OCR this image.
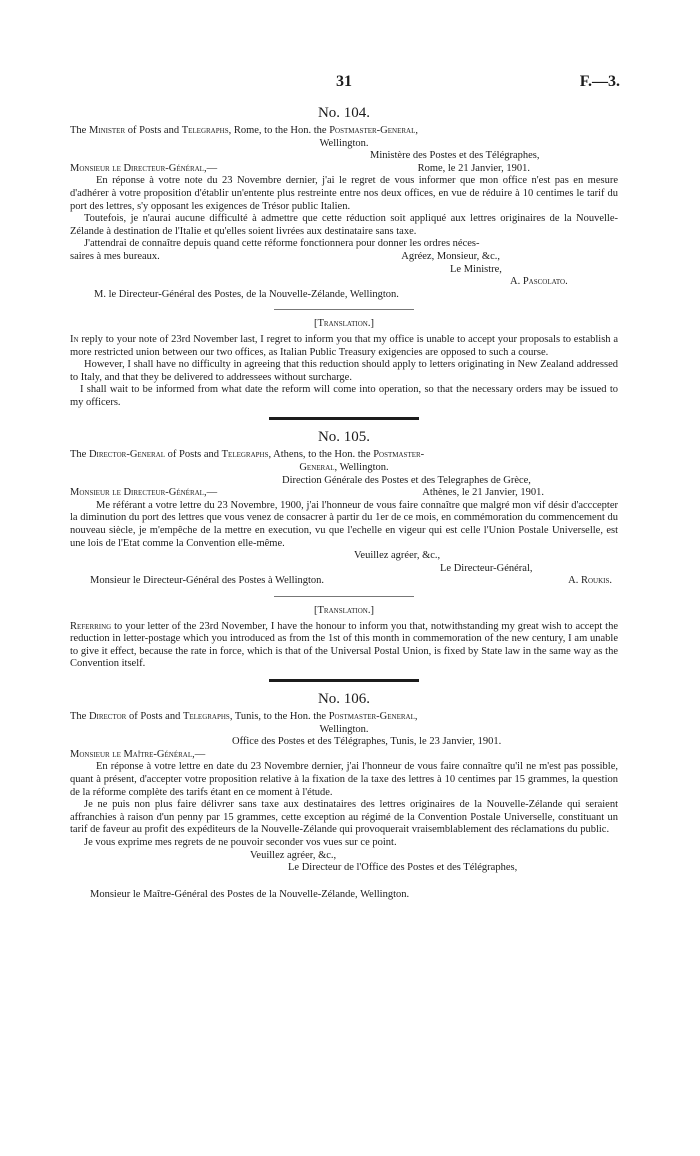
31	F.—3.
No. 104.

The Minister of Posts and Telegraphs, Rome, to the Hon. the Postmaster-General,

Wellington.

Ministère des Postes et des Télégraphes,

Monsieur le Directeur-Général,—	Rome, le 21 Janvier, 1901.

En réponse à votre note du 23 Novembre dernier, j'ai le regret de vous informer que mon office n'est pas en mesure d'adhérer à votre proposition d'établir un'entente plus restreinte entre nos deux offices, en vue de réduire à 10 centimes le tarif du port des lettres, s'y opposant les exigences de Trésor public Italien.

Toutefois, je n'aurai aucune difficulté à admettre que cette réduction soit appliqué aux lettres originaires de la Nouvelle-Zélande à destination de l'Italie et qu'elles soient livrées aux destinataire sans taxe.

J'attendrai de connaître depuis quand cette réforme fonctionnera pour donner les ordres néces-

saires à mes bureaux.	Agréez, Monsieur, &c.,

Le Ministre,

A. Pascolato.

M. le Directeur-Général des Postes, de la Nouvelle-Zélande, Wellington.

[Translation.]

In reply to your note of 23rd November last, I regret to inform you that my office is unable to accept your proposals to establish a more restricted union between our two offices, as Italian Public Treasury exigencies are opposed to such a course.

However, I shall have no difficulty in agreeing that this reduction should apply to letters originating in New Zealand addressed to Italy, and that they be delivered to addressees without surcharge.

I shall wait to be informed from what date the reform will come into operation, so that the necessary orders may be issued to my officers.

No. 105.

The Director-General of Posts and Telegraphs, Athens, to the Hon. the Postmaster-

General, Wellington.

Direction Générale des Postes et des Telegraphes de Grèce,

Monsieur le Directeur-Général,—	Athènes, le 21 Janvier, 1901.

Me référant a votre lettre du 23 Novembre, 1900, j'ai l'honneur de vous faire connaître que malgré mon vif désir d'acccepter la diminution du port des lettres que vous venez de consacrer à partir du 1er de ce mois, en commémoration du commencement du nouveau siècle, je m'empêche de la mettre en execution, vu que l'echelle en vigeur qui est celle l'Union Postale Universelle, est une lois de l'Etat comme la Convention elle-même.

Veuillez agréer, &c.,

Le Directeur-Général,

Monsieur le Directeur-Général des Postes à Wellington.	A. Roukis.

[Translation.]

Referring to your letter of the 23rd November, I have the honour to inform you that, notwithstanding my great wish to accept the reduction in letter-postage which you introduced as from the 1st of this month in commemoration of the new century, I am unable to give it effect, because the rate in force, which is that of the Universal Postal Union, is fixed by State law in the same way as the Convention itself.

No. 106.

The Director of Posts and Telegraphs, Tunis, to the Hon. the Postmaster-General,

Wellington.

Office des Postes et des Télégraphes, Tunis, le 23 Janvier, 1901.

Monsieur le Maître-Général,—

En réponse à votre lettre en date du 23 Novembre dernier, j'ai l'honneur de vous faire connaître qu'il ne m'est pas possible, quant à présent, d'accepter votre proposition relative à la fixation de la taxe des lettres à 10 centimes par 15 grammes, la question de la réforme complète des tarifs étant en ce moment à l'étude.

Je ne puis non plus faire délivrer sans taxe aux destinataires des lettres originaires de la Nouvelle-Zélande qui seraient affranchies à raison d'un penny par 15 grammes, cette exception au régimé de la Convention Postale Universelle, constituant un tarif de faveur au profit des expéditeurs de la Nouvelle-Zélande qui provoquerait vraisemblablement des réclamations du public.

Je vous exprime mes regrets de ne pouvoir seconder vos vues sur ce point.

Veuillez agréer, &c.,

Le Directeur de l'Office des Postes et des Télégraphes,

Monsieur le Maître-Général des Postes de la Nouvelle-Zélande, Wellington.
